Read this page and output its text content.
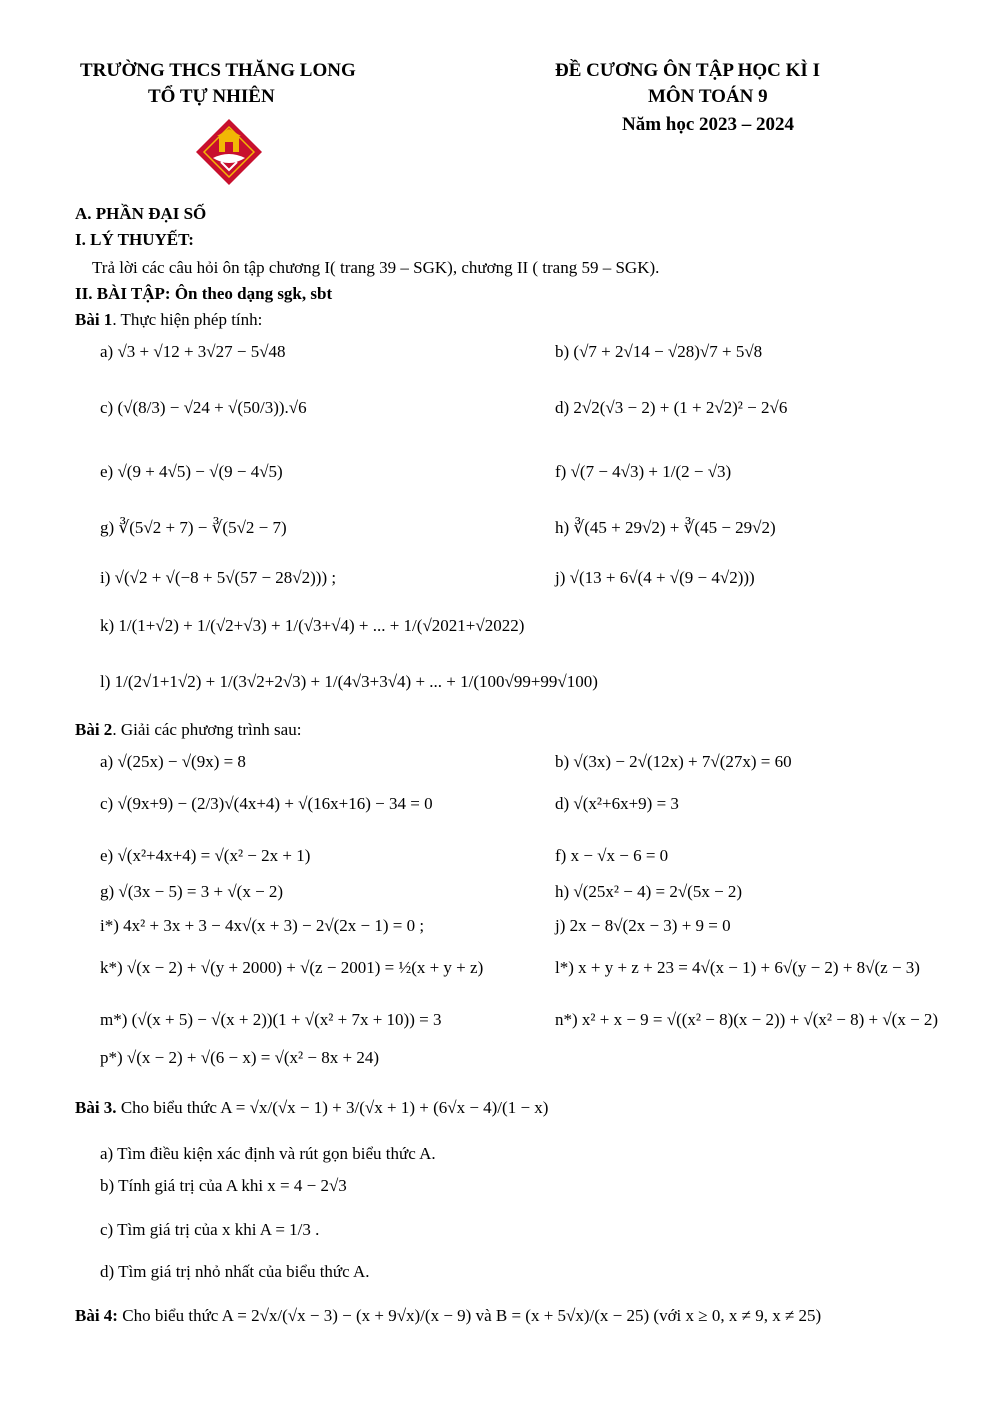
TRƯỜNG THCS THĂNG LONG
TỔ TỰ NHIÊN
ĐỀ CƯƠNG ÔN TẬP HỌC KÌ I
MÔN TOÁN 9
Năm học 2023 – 2024
A. PHẦN ĐẠI SỐ
I. LÝ THUYẾT:
Trả lời các câu hỏi ôn tập chương I( trang 39 – SGK), chương II ( trang 59 – SGK).
II. BÀI TẬP: Ôn theo dạng sgk, sbt
Bài 1. Thực hiện phép tính:
a) √3 + √12 + 3√27 − 5√48	b) (√7 + 2√14 − √28)√7 + 5√8
c) (√(8/3) − √24 + √(50/3)).√6	d) 2√2(√3 − 2) + (1 + 2√2)² − 2√6
e) √(9 + 4√5) − √(9 − 4√5)	f) √(7 − 4√3) + 1/(2 − √3)
g) ∛(5√2 + 7) − ∛(5√2 − 7)	h) ∛(45 + 29√2) + ∛(45 − 29√2)
i) √(√2 + √(−8 + 5√(57 − 28√2))) ;	j) √(13 + 6√(4 + √(9 − 4√2)))
k) 1/(1+√2) + 1/(√2+√3) + 1/(√3+√4) + ... + 1/(√2021+√2022)
l) 1/(2√1+1√2) + 1/(3√2+2√3) + 1/(4√3+3√4) + ... + 1/(100√99+99√100)
Bài 2. Giải các phương trình sau:
a) √(25x) − √(9x) = 8	b) √(3x) − 2√(12x) + 7√(27x) = 60
c) √(9x+9) − (2/3)√(4x+4) + √(16x+16) − 34 = 0	d) √(x²+6x+9) = 3
e) √(x²+4x+4) = √(x² − 2x + 1)	f) x − √x − 6 = 0
g) √(3x − 5) = 3 + √(x − 2)	h) √(25x² − 4) = 2√(5x − 2)
i*) 4x² + 3x + 3 − 4x√(x + 3) − 2√(2x − 1) = 0 ;	j) 2x − 8√(2x − 3) + 9 = 0
k*) √(x − 2) + √(y + 2000) + √(z − 2001) = ½(x + y + z)	l*) x + y + z + 23 = 4√(x − 1) + 6√(y − 2) + 8√(z − 3)
m*) (√(x + 5) − √(x + 2))(1 + √(x² + 7x + 10)) = 3	n*) x² + x − 9 = √((x² − 8)(x − 2)) + √(x² − 8) + √(x − 2)
p*) √(x − 2) + √(6 − x) = √(x² − 8x + 24)
Bài 3. Cho biểu thức A = √x/(√x − 1) + 3/(√x + 1) + (6√x − 4)/(1 − x)
a) Tìm điều kiện xác định và rút gọn biểu thức A.
b) Tính giá trị của A khi x = 4 − 2√3
c) Tìm giá trị của x khi A = 1/3 .
d) Tìm giá trị nhỏ nhất của biểu thức A.
Bài 4: Cho biểu thức A = 2√x/(√x − 3) − (x + 9√x)/(x − 9) và B = (x + 5√x)/(x − 25) (với x ≥ 0, x ≠ 9, x ≠ 25)
